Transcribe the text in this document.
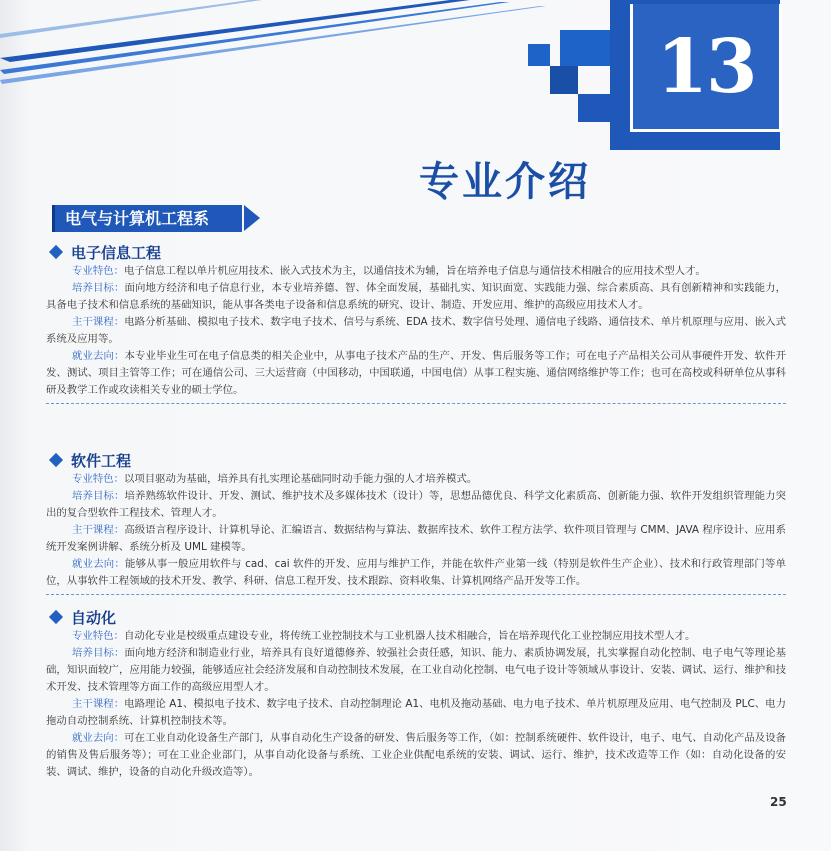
13
专业介绍
电气与计算机工程系
电子信息工程

专业特色：电子信息工程以单片机应用技术、嵌入式技术为主，以通信技术为辅，旨在培养电子信息与通信技术相融合的应用技术型人才。

培养目标：面向地方经济和电子信息行业，本专业培养德、智、体全面发展，基础扎实、知识面宽、实践能力强、综合素质高、具有创新精神和实践能力，具备电子技术和信息系统的基础知识，能从事各类电子设备和信息系统的研究、设计、制造、开发应用、维护的高级应用技术人才。

主干课程：电路分析基础、模拟电子技术、数字电子技术、信号与系统、EDA 技术、数字信号处理、通信电子线路、通信技术、单片机原理与应用、嵌入式系统及应用等。

就业去向：本专业毕业生可在电子信息类的相关企业中，从事电子技术产品的生产、开发、售后服务等工作；可在电子产品相关公司从事硬件开发、软件开发、测试、项目主管等工作；可在通信公司、三大运营商（中国移动，中国联通，中国电信）从事工程实施、通信网络维护等工作；也可在高校或科研单位从事科研及教学工作或攻读相关专业的硕士学位。

软件工程

专业特色：以项目驱动为基础，培养具有扎实理论基础同时动手能力强的人才培养模式。

培养目标：培养熟练软件设计、开发、测试、维护技术及多媒体技术（设计）等，思想品德优良、科学文化素质高、创新能力强、软件开发组织管理能力突出的复合型软件工程技术、管理人才。

主干课程：高级语言程序设计、计算机导论、汇编语言、数据结构与算法、数据库技术、软件工程方法学、软件项目管理与 CMM、JAVA 程序设计、应用系统开发案例讲解、系统分析及 UML 建模等。

就业去向：能够从事一般应用软件与 cad、cai 软件的开发、应用与维护工作，并能在软件产业第一线（特别是软件生产企业）、技术和行政管理部门等单位，从事软件工程领域的技术开发、教学、科研、信息工程开发、技术跟踪、资料收集、计算机网络产品开发等工作。

自动化

专业特色：自动化专业是校级重点建设专业，将传统工业控制技术与工业机器人技术相融合，旨在培养现代化工业控制应用技术型人才。

培养目标：面向地方经济和制造业行业，培养具有良好道德修养、较强社会责任感，知识、能力、素质协调发展，扎实掌握自动化控制、电子电气等理论基础，知识面较广，应用能力较强，能够适应社会经济发展和自动控制技术发展，在工业自动化控制、电气电子设计等领域从事设计、安装、调试、运行、维护和技术开发、技术管理等方面工作的高级应用型人才。

主干课程：电路理论 A1、模拟电子技术、数字电子技术、自动控制理论 A1、电机及拖动基础、电力电子技术、单片机原理及应用、电气控制及 PLC、电力拖动自动控制系统、计算机控制技术等。

就业去向：可在工业自动化设备生产部门，从事自动化生产设备的研发、售后服务等工作，（如：控制系统硬件、软件设计，电子、电气、自动化产品及设备的销售及售后服务等）；可在工业企业部门，从事自动化设备与系统、工业企业供配电系统的安装、调试、运行、维护，技术改造等工作（如：自动化设备的安装、调试、维护，设备的自动化升级改造等）。

25
